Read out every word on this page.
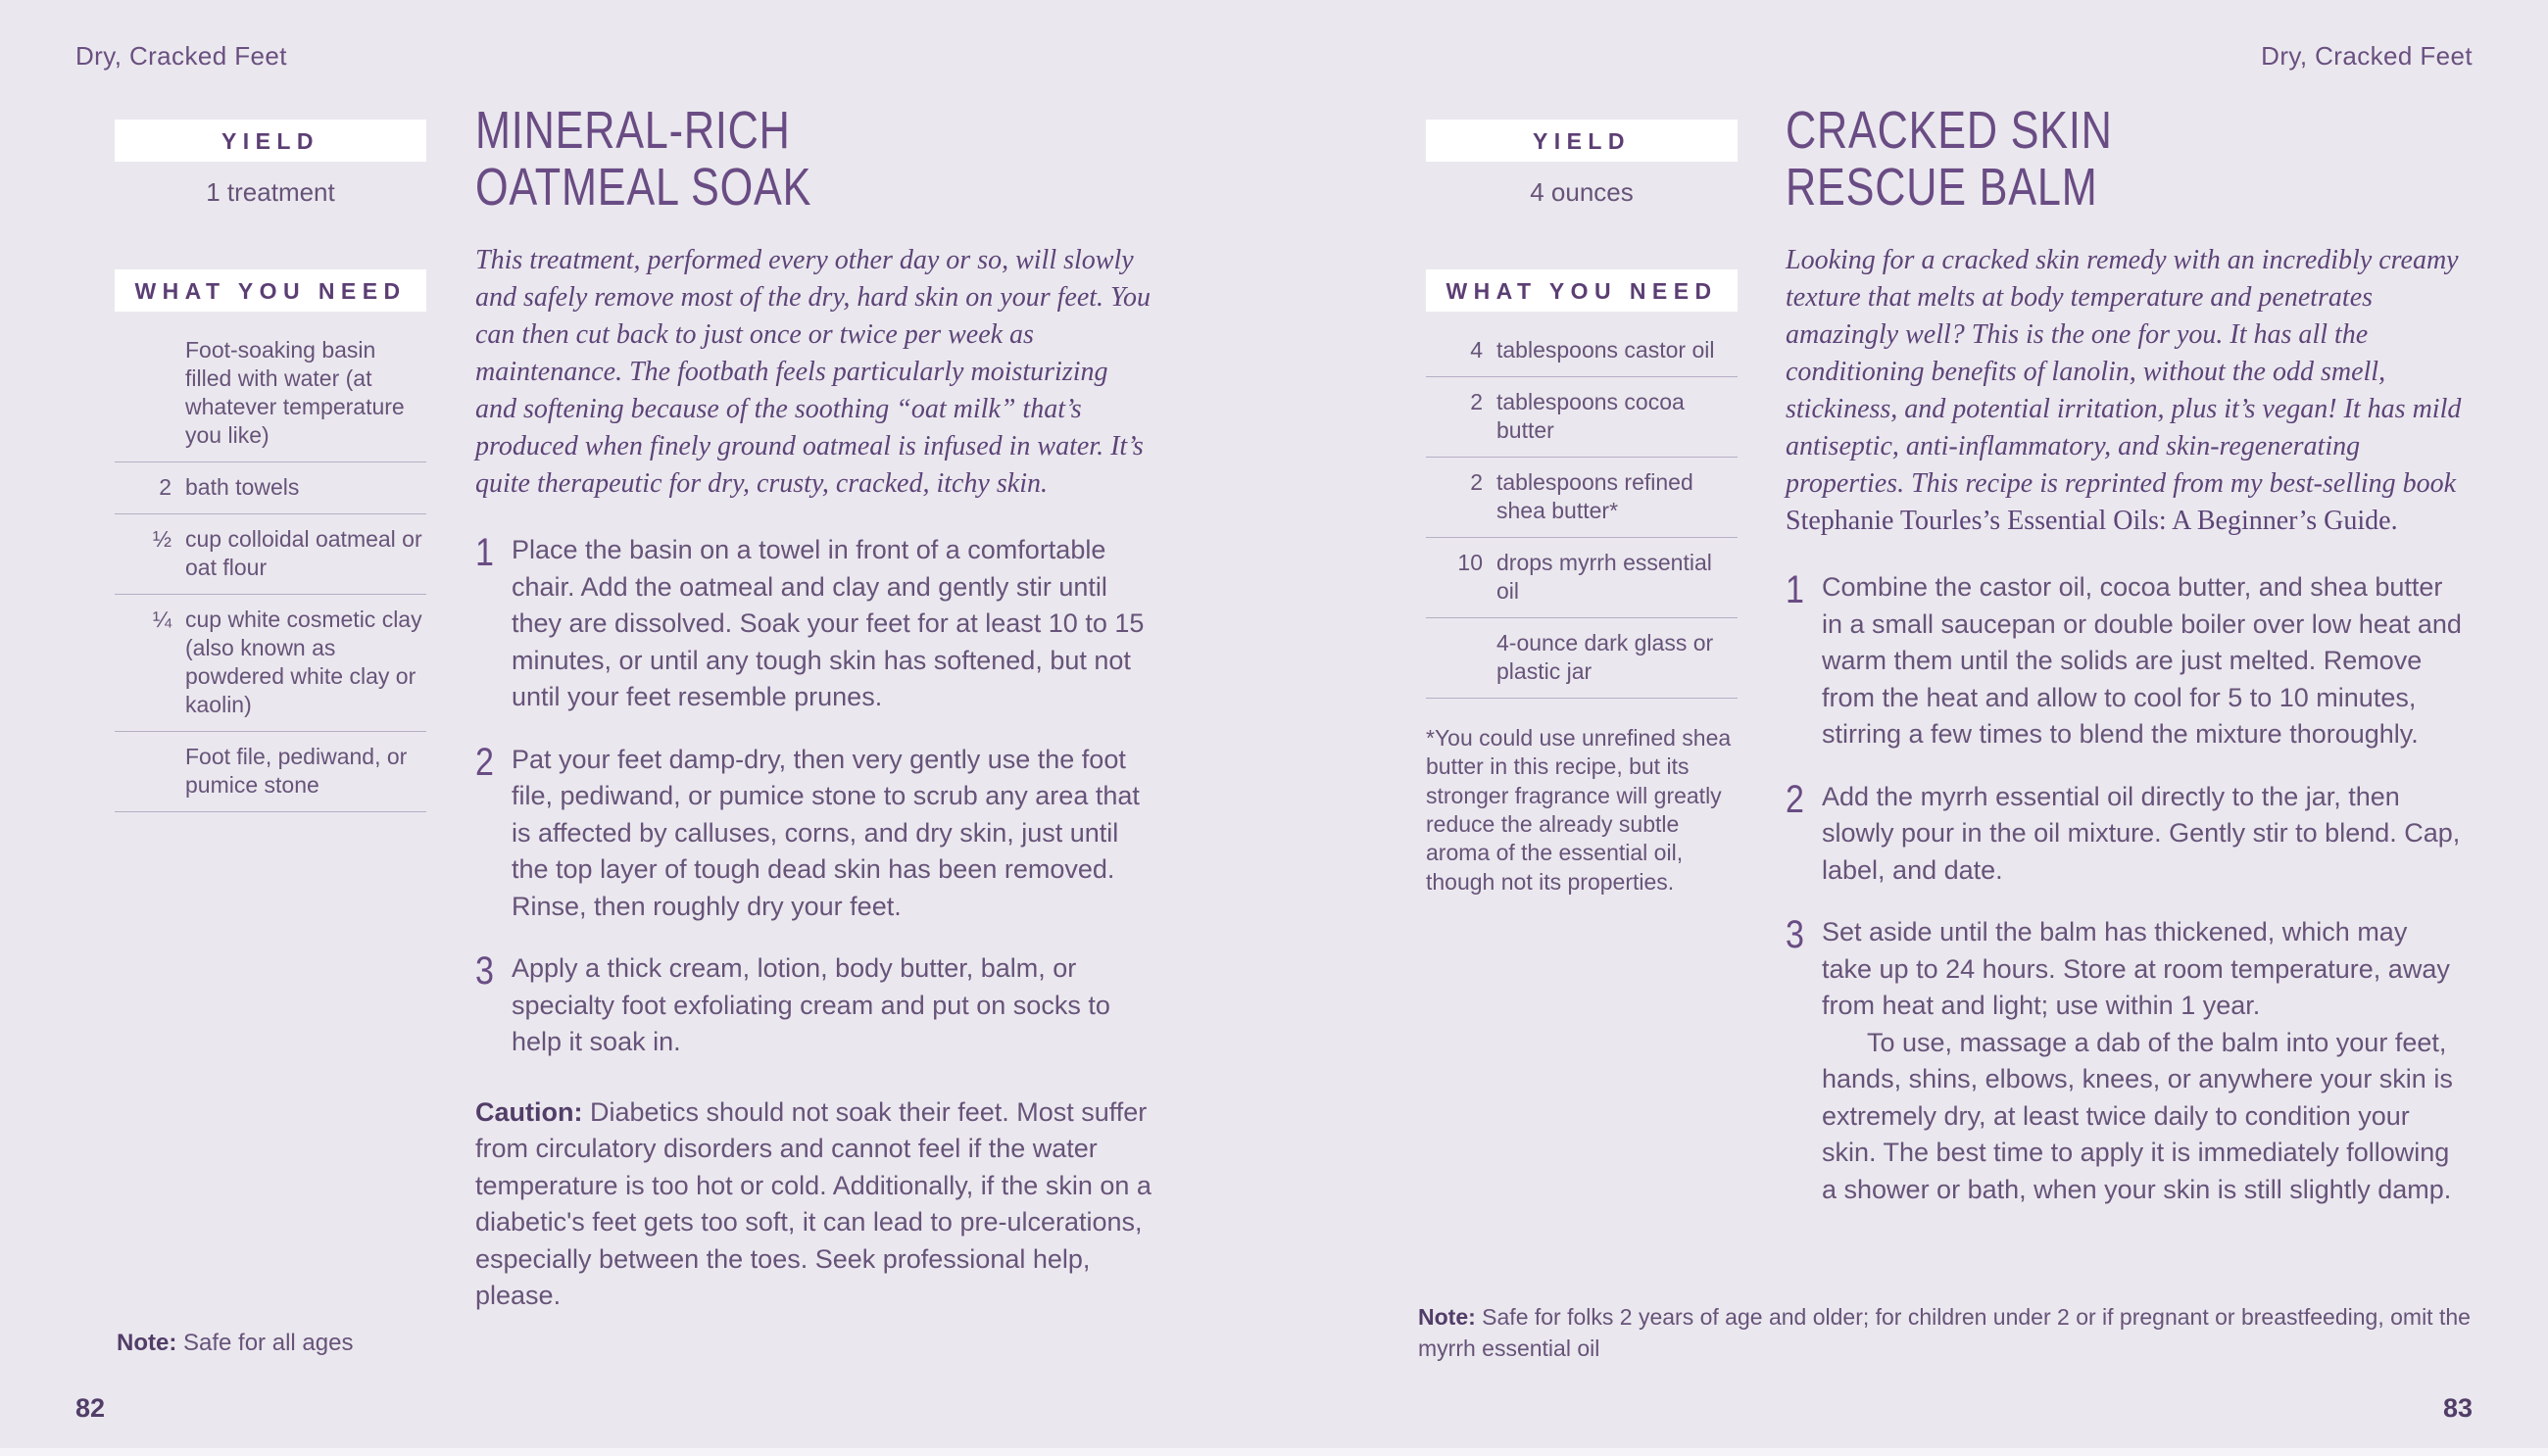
Dry, Cracked Feet
YIELD
1 treatment
WHAT YOU NEED
Foot-soaking basin filled with water (at whatever temperature you like)
2 bath towels
½ cup colloidal oatmeal or oat flour
¼ cup white cosmetic clay (also known as powdered white clay or kaolin)
Foot file, pediwand, or pumice stone
MINERAL-RICH
OATMEAL SOAK
This treatment, performed every other day or so, will slowly and safely remove most of the dry, hard skin on your feet. You can then cut back to just once or twice per week as maintenance. The footbath feels particularly moisturizing and softening because of the soothing “oat milk” that’s produced when finely ground oatmeal is infused in water. It’s quite therapeutic for dry, crusty, cracked, itchy skin.
1 Place the basin on a towel in front of a comfortable chair. Add the oatmeal and clay and gently stir until they are dissolved. Soak your feet for at least 10 to 15 minutes, or until any tough skin has softened, but not until your feet resemble prunes.
2 Pat your feet damp-dry, then very gently use the foot file, pediwand, or pumice stone to scrub any area that is affected by calluses, corns, and dry skin, just until the top layer of tough dead skin has been removed. Rinse, then roughly dry your feet.
3 Apply a thick cream, lotion, body butter, balm, or specialty foot exfoliating cream and put on socks to help it soak in.
Caution: Diabetics should not soak their feet. Most suffer from circulatory disorders and cannot feel if the water temperature is too hot or cold. Additionally, if the skin on a diabetic's feet gets too soft, it can lead to pre-ulcerations, especially between the toes. Seek professional help, please.
Note: Safe for all ages
82
Dry, Cracked Feet
YIELD
4 ounces
WHAT YOU NEED
4 tablespoons castor oil
2 tablespoons cocoa butter
2 tablespoons refined shea butter*
10 drops myrrh essential oil
4-ounce dark glass or plastic jar
*You could use unrefined shea butter in this recipe, but its stronger fragrance will greatly reduce the already subtle aroma of the essential oil, though not its properties.
CRACKED SKIN
RESCUE BALM
Looking for a cracked skin remedy with an incredibly creamy texture that melts at body temperature and penetrates amazingly well? This is the one for you. It has all the conditioning benefits of lanolin, without the odd smell, stickiness, and potential irritation, plus it’s vegan! It has mild antiseptic, anti-inflammatory, and skin-regenerating properties. This recipe is reprinted from my best-selling book Stephanie Tourles’s Essential Oils: A Beginner’s Guide.
1 Combine the castor oil, cocoa butter, and shea butter in a small saucepan or double boiler over low heat and warm them until the solids are just melted. Remove from the heat and allow to cool for 5 to 10 minutes, stirring a few times to blend the mixture thoroughly.
2 Add the myrrh essential oil directly to the jar, then slowly pour in the oil mixture. Gently stir to blend. Cap, label, and date.
3 Set aside until the balm has thickened, which may take up to 24 hours. Store at room temperature, away from heat and light; use within 1 year.
To use, massage a dab of the balm into your feet, hands, shins, elbows, knees, or anywhere your skin is extremely dry, at least twice daily to condition your skin. The best time to apply it is immediately following a shower or bath, when your skin is still slightly damp.
Note: Safe for folks 2 years of age and older; for children under 2 or if pregnant or breastfeeding, omit the myrrh essential oil
83
